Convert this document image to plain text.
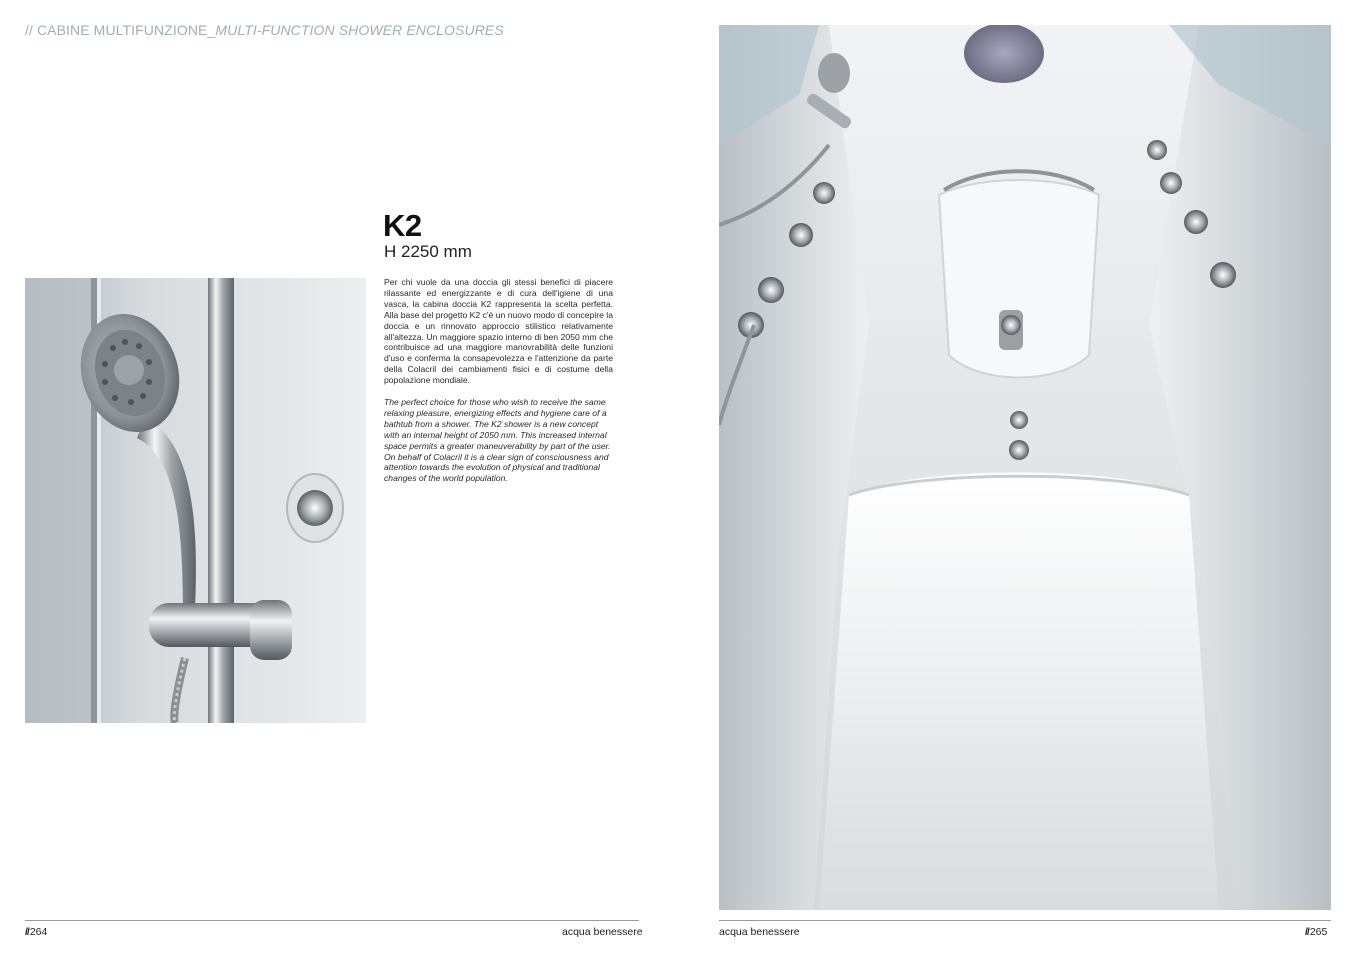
// CABINE MULTIFUNZIONE_MULTI-FUNCTION SHOWER ENCLOSURES
K2
H 2250 mm
Per chi vuole da una doccia gli stessi benefici di piacere rilassante ed energizzante e di cura dell'igiene di una vasca, la cabina doccia K2 rappresenta la scelta perfetta. Alla base del progetto K2 c'è un nuovo modo di concepire la doccia e un rinnovato approccio stilistico relativamente all'altezza. Un maggiore spazio interno di ben 2050 mm che contribuisce ad una maggiore manovrabilità delle funzioni d'uso e conferma la consapevolezza e l'attenzione da parte della Colacril dei cambiamenti fisici e di costume della popolazione mondiale.
The perfect choice for those who wish to receive the same relaxing pleasure, energizing effects and hygiene care of a bathtub from a shower. The K2 shower is a new concept with an internal height of 2050 mm. This increased internal space permits a greater maneuverability by part of the user. On behalf of Colacril it is a clear sign of consciousness and attention towards the evolution of physical and traditional changes of the world population.
//264	acqua benessere	acqua benessere	//265
